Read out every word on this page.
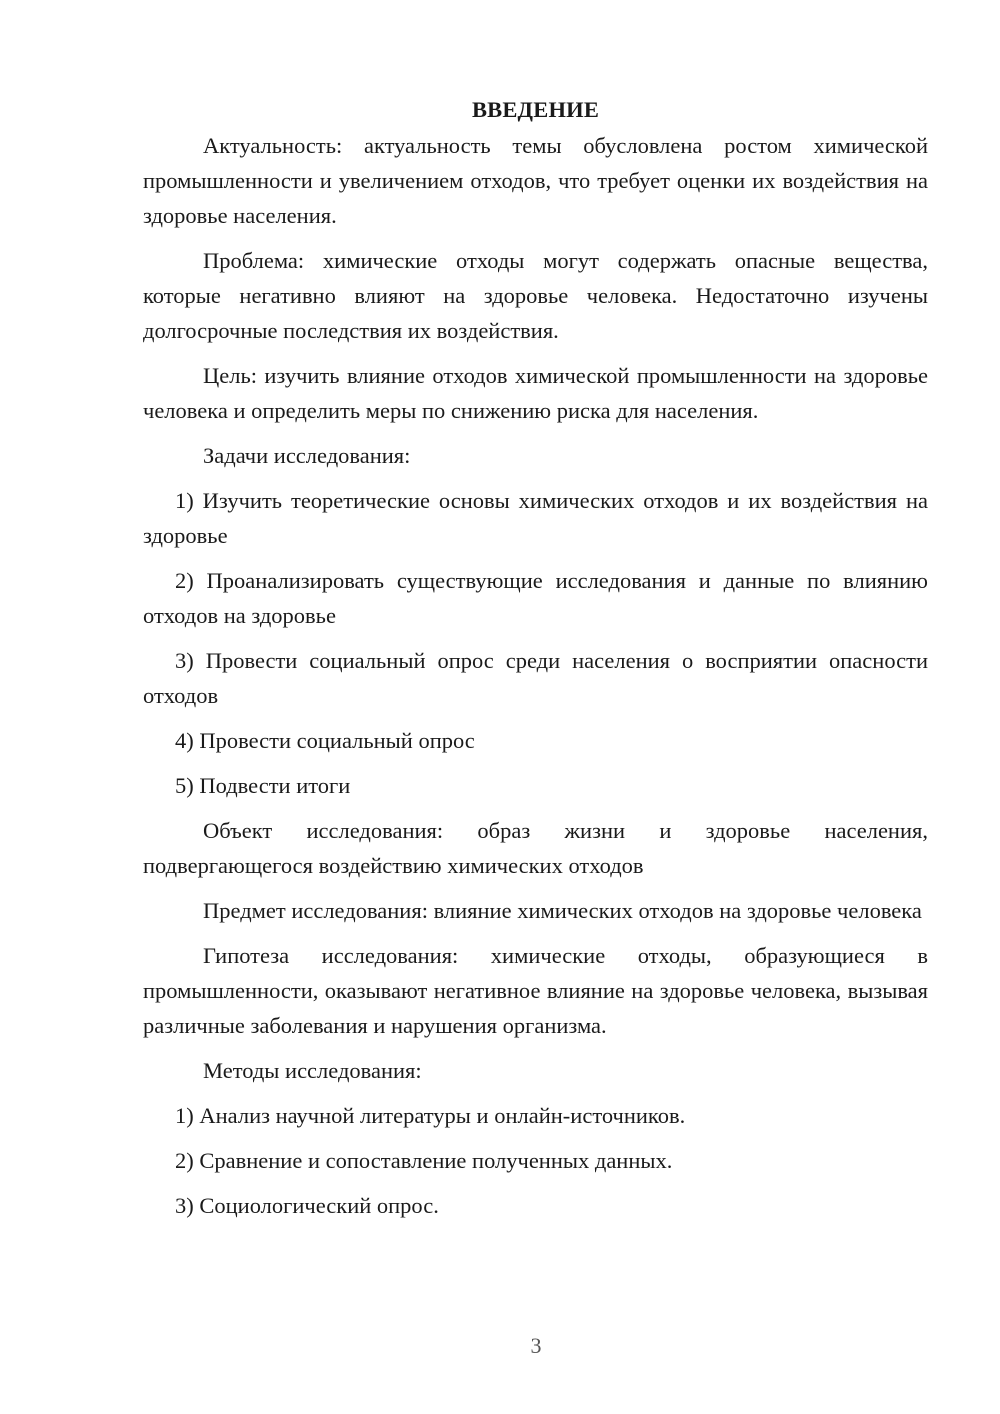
ВВЕДЕНИЕ

Актуальность: актуальность темы обусловлена ростом химической промышленности и увеличением отходов, что требует оценки их воздействия на здоровье населения.

Проблема: химические отходы могут содержать опасные вещества, которые негативно влияют на здоровье человека. Недостаточно изучены долгосрочные последствия их воздействия.

Цель: изучить влияние отходов химической промышленности на здоровье человека и определить меры по снижению риска для населения.

Задачи исследования:

1) Изучить теоретические основы химических отходов и их воздействия на здоровье

2) Проанализировать существующие исследования и данные по влиянию отходов на здоровье

3) Провести социальный опрос среди населения о восприятии опасности отходов

4) Провести социальный опрос

5) Подвести итоги

Объект исследования: образ жизни и здоровье населения, подвергающегося воздействию химических отходов

Предмет исследования: влияние химических отходов на здоровье человека

Гипотеза исследования: химические отходы, образующиеся в промышленности, оказывают негативное влияние на здоровье человека, вызывая различные заболевания и нарушения организма.

Методы исследования:

1) Анализ научной литературы и онлайн-источников.

2) Сравнение и сопоставление полученных данных.

3) Социологический опрос.

3
